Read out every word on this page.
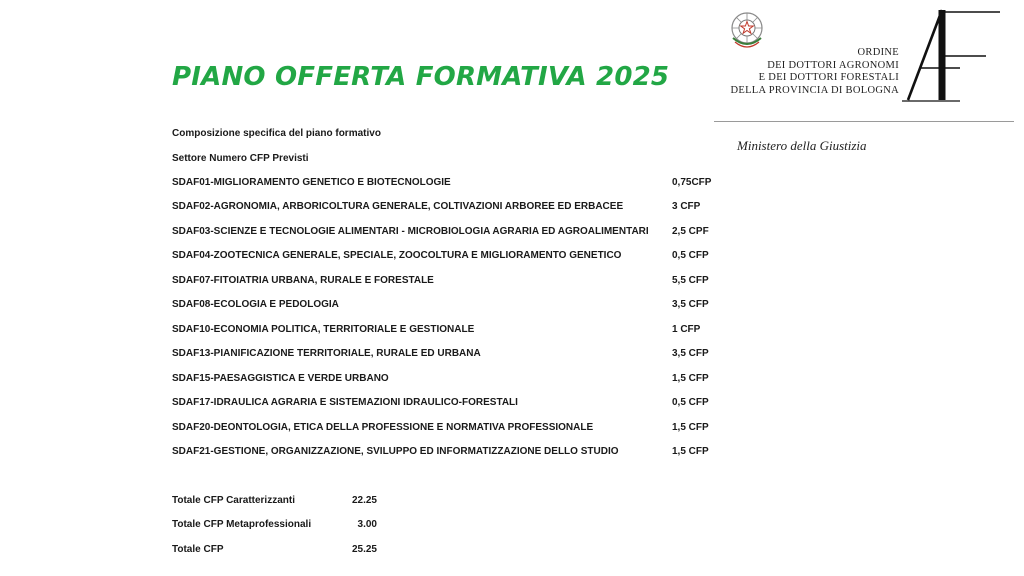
PIANO OFFERTA FORMATIVA 2025
Composizione specifica del piano formativo
Settore Numero CFP Previsti
SDAF01-MIGLIORAMENTO GENETICO E BIOTECNOLOGIE	0,75CFP
SDAF02-AGRONOMIA, ARBORICOLTURA GENERALE, COLTIVAZIONI ARBOREE ED ERBACEE	3 CFP
SDAF03-SCIENZE E TECNOLOGIE ALIMENTARI - MICROBIOLOGIA AGRARIA ED AGROALIMENTARI 2,5 CPF
SDAF04-ZOOTECNICA GENERALE, SPECIALE, ZOOCOLTURA E MIGLIORAMENTO GENETICO	0,5 CFP
SDAF07-FITOIATRIA URBANA, RURALE E FORESTALE	5,5 CFP
SDAF08-ECOLOGIA E PEDOLOGIA	3,5 CFP
SDAF10-ECONOMIA POLITICA, TERRITORIALE E GESTIONALE	1 CFP
SDAF13-PIANIFICAZIONE TERRITORIALE, RURALE ED URBANA	3,5 CFP
SDAF15-PAESAGGISTICA E VERDE URBANO	1,5 CFP
SDAF17-IDRAULICA AGRARIA E SISTEMAZIONI IDRAULICO-FORESTALI	0,5 CFP
SDAF20-DEONTOLOGIA, ETICA DELLA PROFESSIONE E NORMATIVA PROFESSIONALE	1,5 CFP
SDAF21-GESTIONE, ORGANIZZAZIONE, SVILUPPO ED INFORMATIZZAZIONE DELLO STUDIO	1,5 CFP
Totale CFP Caratterizzanti	22.25
Totale CFP Metaprofessionali	3.00
Totale CFP	25.25
ORDINE
DEI DOTTORI AGRONOMI
E DEI DOTTORI FORESTALI
DELLA PROVINCIA DI BOLOGNA
Ministero della Giustizia
